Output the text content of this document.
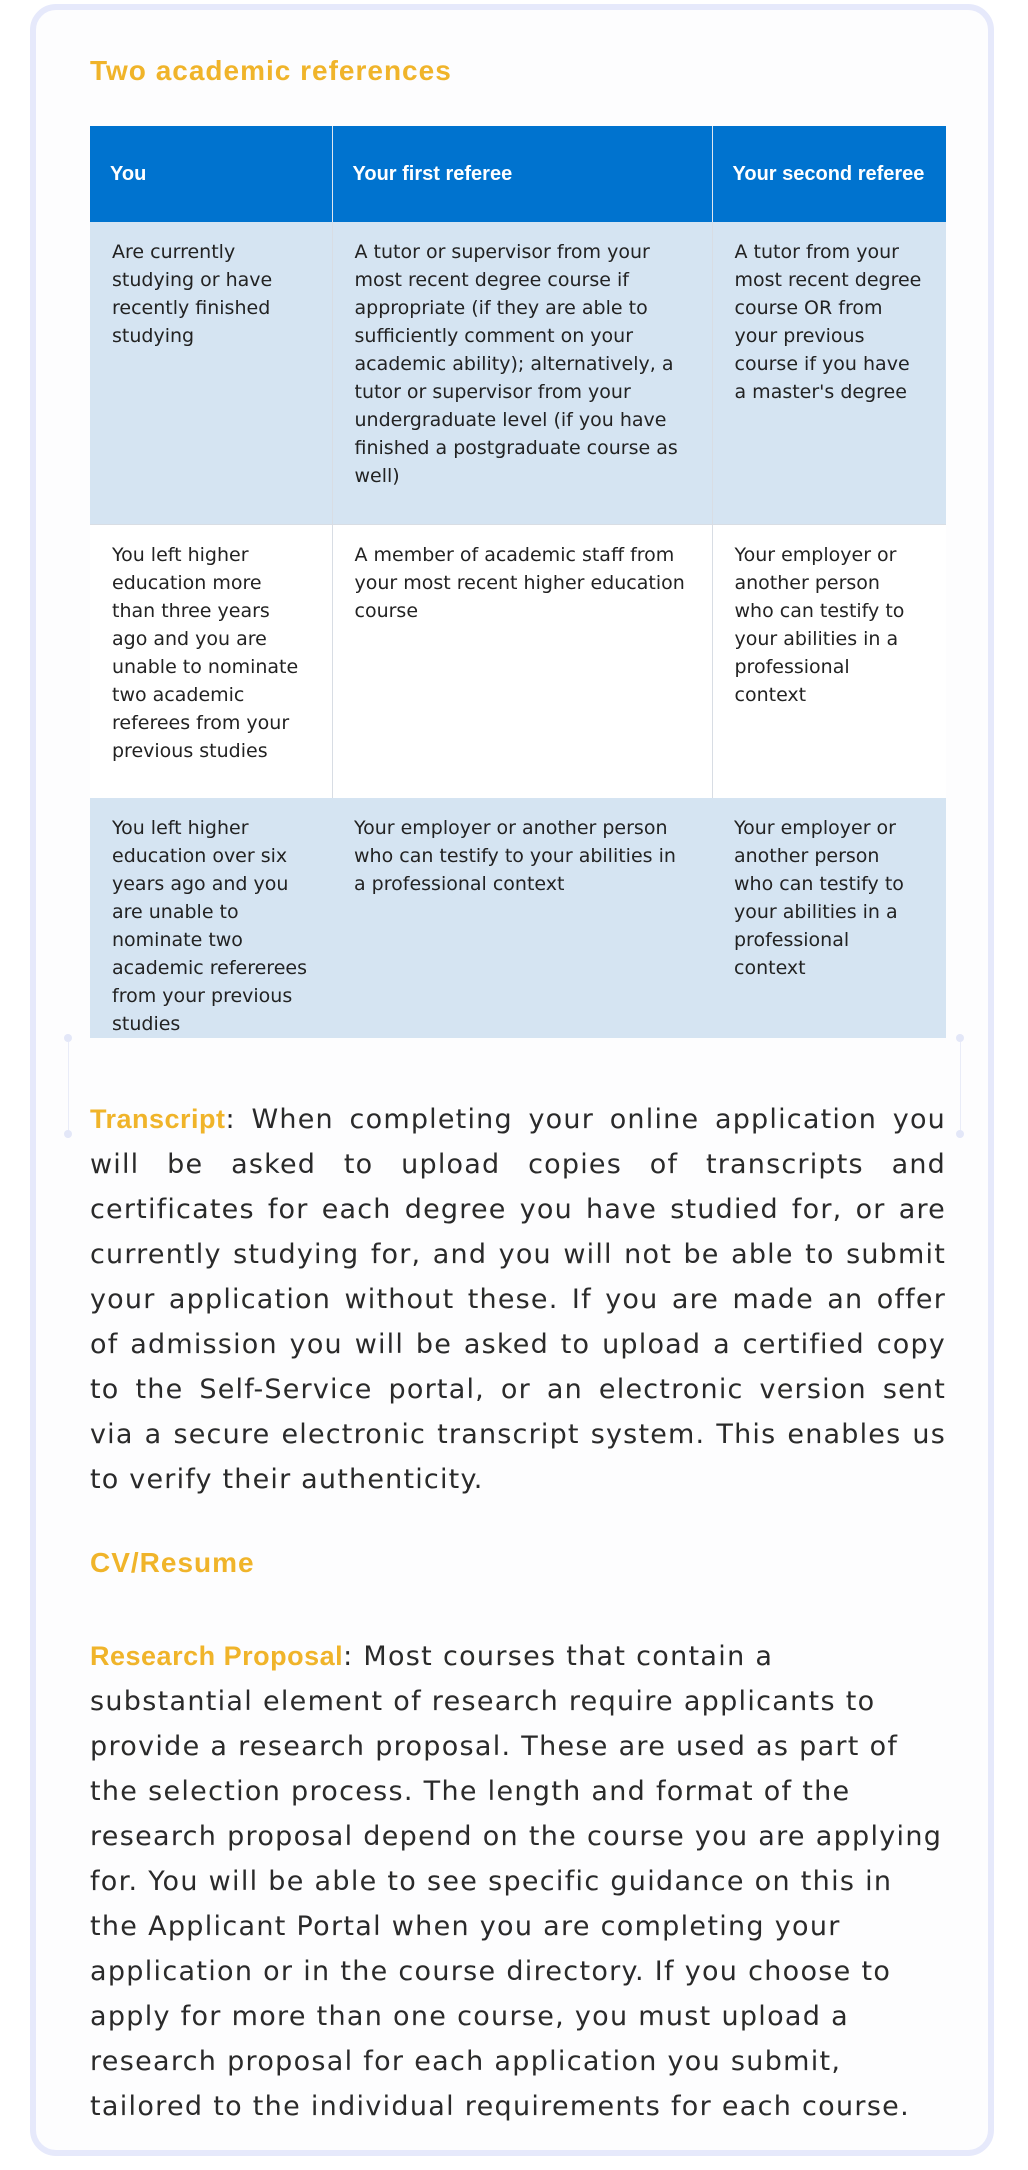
Two academic references
You	Your first referee	Your second referee
Are currently studying or have recently finished studying	A tutor or supervisor from your most recent degree course if appropriate (if they are able to sufficiently comment on your academic ability); alternatively, a tutor or supervisor from your undergraduate level (if you have finished a postgraduate course as well)	A tutor from your most recent degree course OR from your previous course if you have a master's degree
You left higher education more than three years ago and you are unable to nominate two academic referees from your previous studies	A member of academic staff from your most recent higher education course	Your employer or another person who can testify to your abilities in a professional context
You left higher education over six years ago and you are unable to nominate two academic refererees from your previous studies	Your employer or another person who can testify to your abilities in a professional context	Your employer or another person who can testify to your abilities in a professional context

Transcript: When completing your online application you will be asked to upload copies of transcripts and certificates for each degree you have studied for, or are currently studying for, and you will not be able to submit your application without these. If you are made an offer of admission you will be asked to upload a certified copy to the Self-Service portal, or an electronic version sent via a secure electronic transcript system. This enables us to verify their authenticity.

CV/Resume

Research Proposal: Most courses that contain a substantial element of research require applicants to provide a research proposal. These are used as part of the selection process. The length and format of the research proposal depend on the course you are applying for. You will be able to see specific guidance on this in the Applicant Portal when you are completing your application or in the course directory. If you choose to apply for more than one course, you must upload a research proposal for each application you submit, tailored to the individual requirements for each course.
